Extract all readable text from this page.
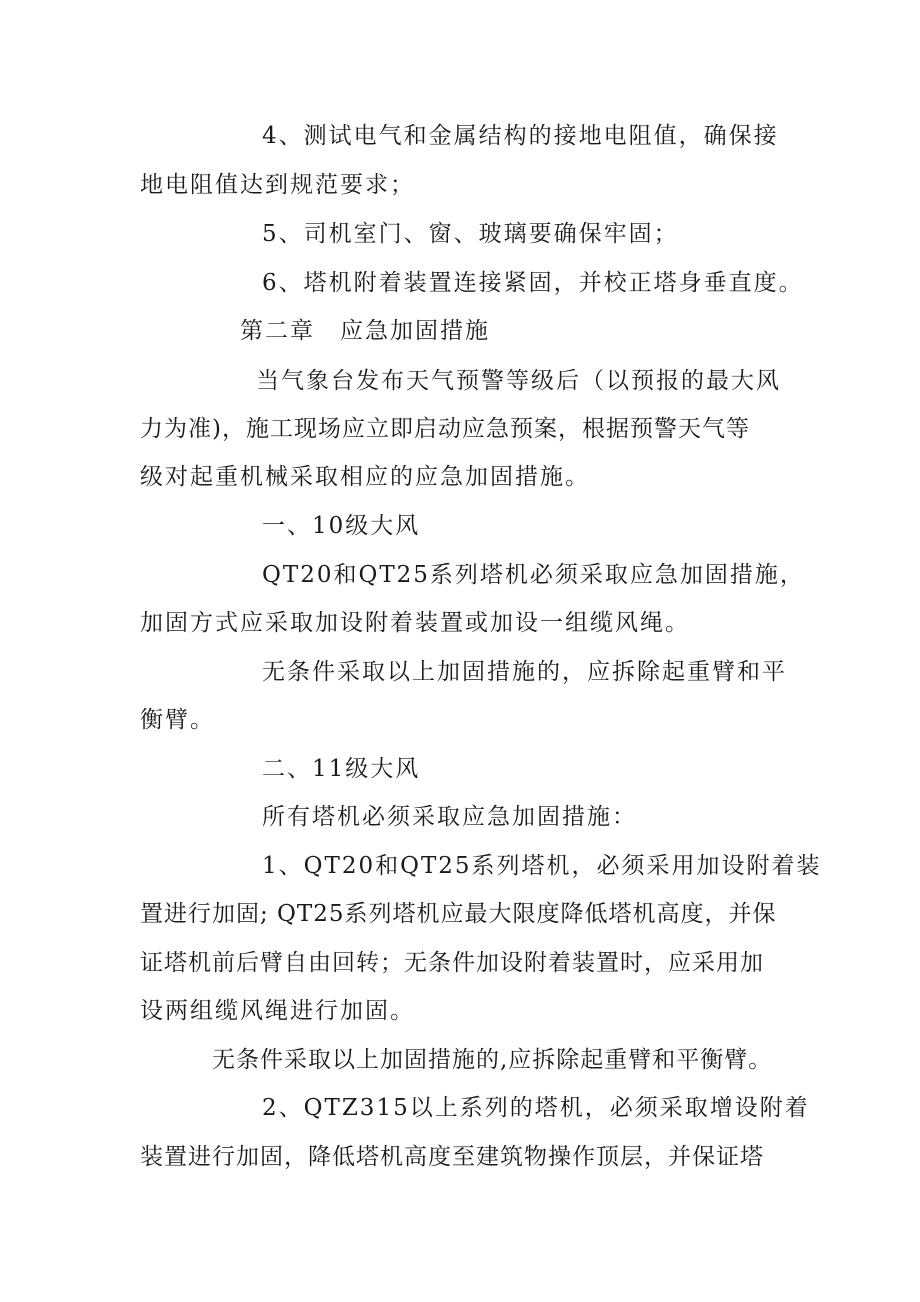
4、测试电气和金属结构的接地电阻值，确保接
地电阻值达到规范要求；
5、司机室门、窗、玻璃要确保牢固；
6、塔机附着装置连接紧固，并校正塔身垂直度。
第二章　应急加固措施
当气象台发布天气预警等级后（以预报的最大风
力为准)，施工现场应立即启动应急预案，根据预警天气等
级对起重机械采取相应的应急加固措施。
一、10级大风
QT20和QT25系列塔机必须采取应急加固措施，
加固方式应采取加设附着装置或加设一组缆风绳。
无条件采取以上加固措施的，应拆除起重臂和平
衡臂。
二、11级大风
所有塔机必须采取应急加固措施：
1、QT20和QT25系列塔机，必须采用加设附着装
置进行加固; QT25系列塔机应最大限度降低塔机高度，并保
证塔机前后臂自由回转；无条件加设附着装置时，应采用加
设两组缆风绳进行加固。
无条件采取以上加固措施的,应拆除起重臂和平衡臂。
2、QTZ315以上系列的塔机，必须采取增设附着
装置进行加固，降低塔机高度至建筑物操作顶层，并保证塔
